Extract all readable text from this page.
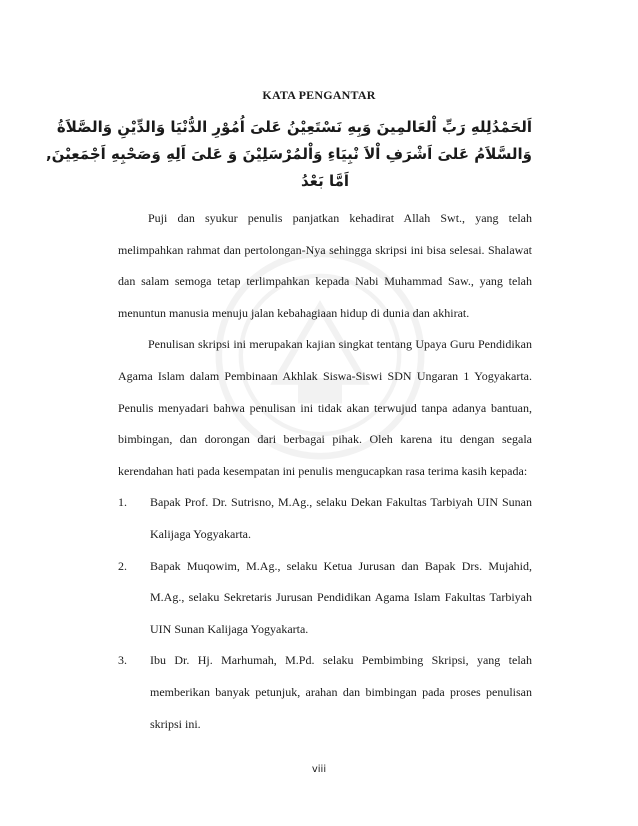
KATA PENGANTAR
اَلحَمْدُلِلهِ رَبِّ اْلعَالمِينَ وَبِهِ نَسْتَعِيْنُ عَلىَ اُمُوْرِ الدُّنْيَا وَالدِّيْنِ وَالصَّلاَةُ
وَالسَّلاَمُ عَلىَ اَشْرَفِ اْلاَ نْبِيَاءِ وَاْلمُرْسَلِيْنَ وَ عَلىَ اَلِهِ وَصَحْبِهِ اَجْمَعِيْنَ,
اَمَّا بَعْدُ

Puji dan syukur penulis panjatkan kehadirat Allah Swt., yang telah melimpahkan rahmat dan pertolongan-Nya sehingga skripsi ini bisa selesai. Shalawat dan salam semoga tetap terlimpahkan kepada Nabi Muhammad Saw., yang telah menuntun manusia menuju jalan kebahagiaan hidup di dunia dan akhirat.

Penulisan skripsi ini merupakan kajian singkat tentang Upaya Guru Pendidikan Agama Islam dalam Pembinaan Akhlak Siswa-Siswi SDN Ungaran 1 Yogyakarta. Penulis menyadari bahwa penulisan ini tidak akan terwujud tanpa adanya bantuan, bimbingan, dan dorongan dari berbagai pihak. Oleh karena itu dengan segala kerendahan hati pada kesempatan ini penulis mengucapkan rasa terima kasih kepada:

1.	Bapak Prof. Dr. Sutrisno, M.Ag., selaku Dekan Fakultas Tarbiyah UIN Sunan Kalijaga Yogyakarta.
2.	Bapak Muqowim, M.Ag., selaku Ketua Jurusan dan Bapak Drs. Mujahid, M.Ag., selaku Sekretaris Jurusan Pendidikan Agama Islam Fakultas Tarbiyah UIN Sunan Kalijaga Yogyakarta.
3.	Ibu Dr. Hj. Marhumah, M.Pd. selaku Pembimbing Skripsi, yang telah memberikan banyak petunjuk, arahan dan bimbingan pada proses penulisan skripsi ini.
viii
